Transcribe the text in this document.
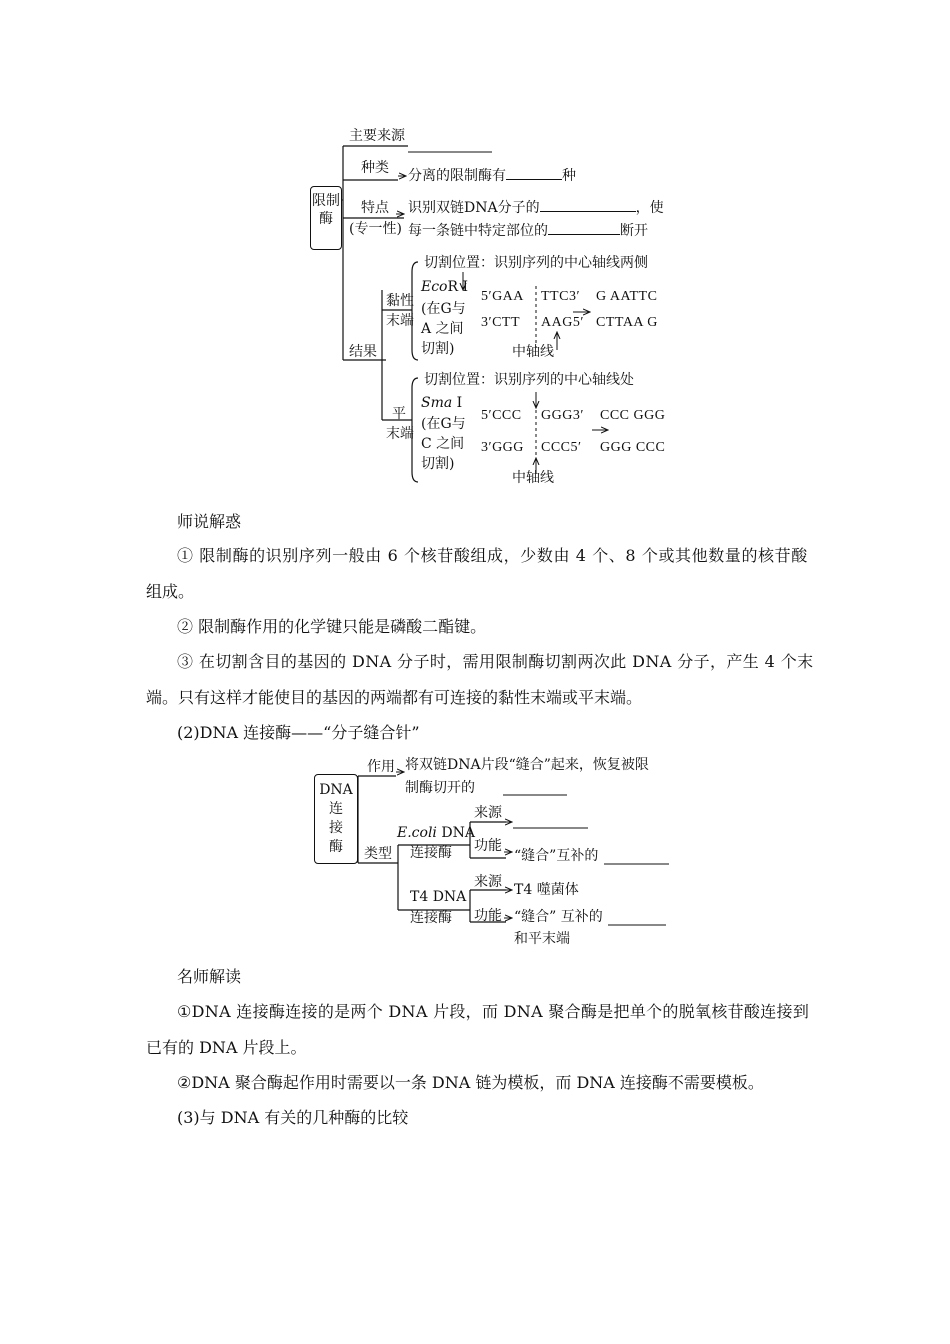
限制酶
主要来源
种类 分离的限制酶有	种
特点
(专一性)
识别双链DNA分子的	，使
每一条链中特定部位的	断开
结果
黏性
末端
切割位置：识别序列的中心轴线两侧
EcoR Ⅰ
(在G与
A 之间
切割)
5′GAA TTC3′
3′CTT AAG5′
G AATTC
CTTAA G
中轴线
平
末端
切割位置：识别序列的中心轴线处
Sma Ⅰ
(在G与
C 之间
切割)
5′CCC GGG3′
3′GGG CCC5′
CCC GGG
GGG CCC
中轴线
师说解惑
① 限制酶的识别序列一般由 6 个核苷酸组成，少数由 4 个、8 个或其他数量的核苷酸
组成。
② 限制酶作用的化学键只能是磷酸二酯键。
③ 在切割含目的基因的 DNA 分子时，需用限制酶切割两次此 DNA 分子，产生 4 个末
端。只有这样才能使目的基因的两端都有可连接的黏性末端或平末端。
(2)DNA 连接酶——“分子缝合针”
DNA
连
接
酶
作用 将双链DNA片段“缝合”起来，恢复被限
制酶切开的
类型
E.coli DNA
连接酶
来源
功能
“缝合”互补的
T4 DNA
连接酶
来源 T4 噬菌体
功能 “缝合” 互补的
和平末端
名师解读
①DNA 连接酶连接的是两个 DNA 片段，而 DNA 聚合酶是把单个的脱氧核苷酸连接到
已有的 DNA 片段上。
②DNA 聚合酶起作用时需要以一条 DNA 链为模板，而 DNA 连接酶不需要模板。
(3)与 DNA 有关的几种酶的比较
